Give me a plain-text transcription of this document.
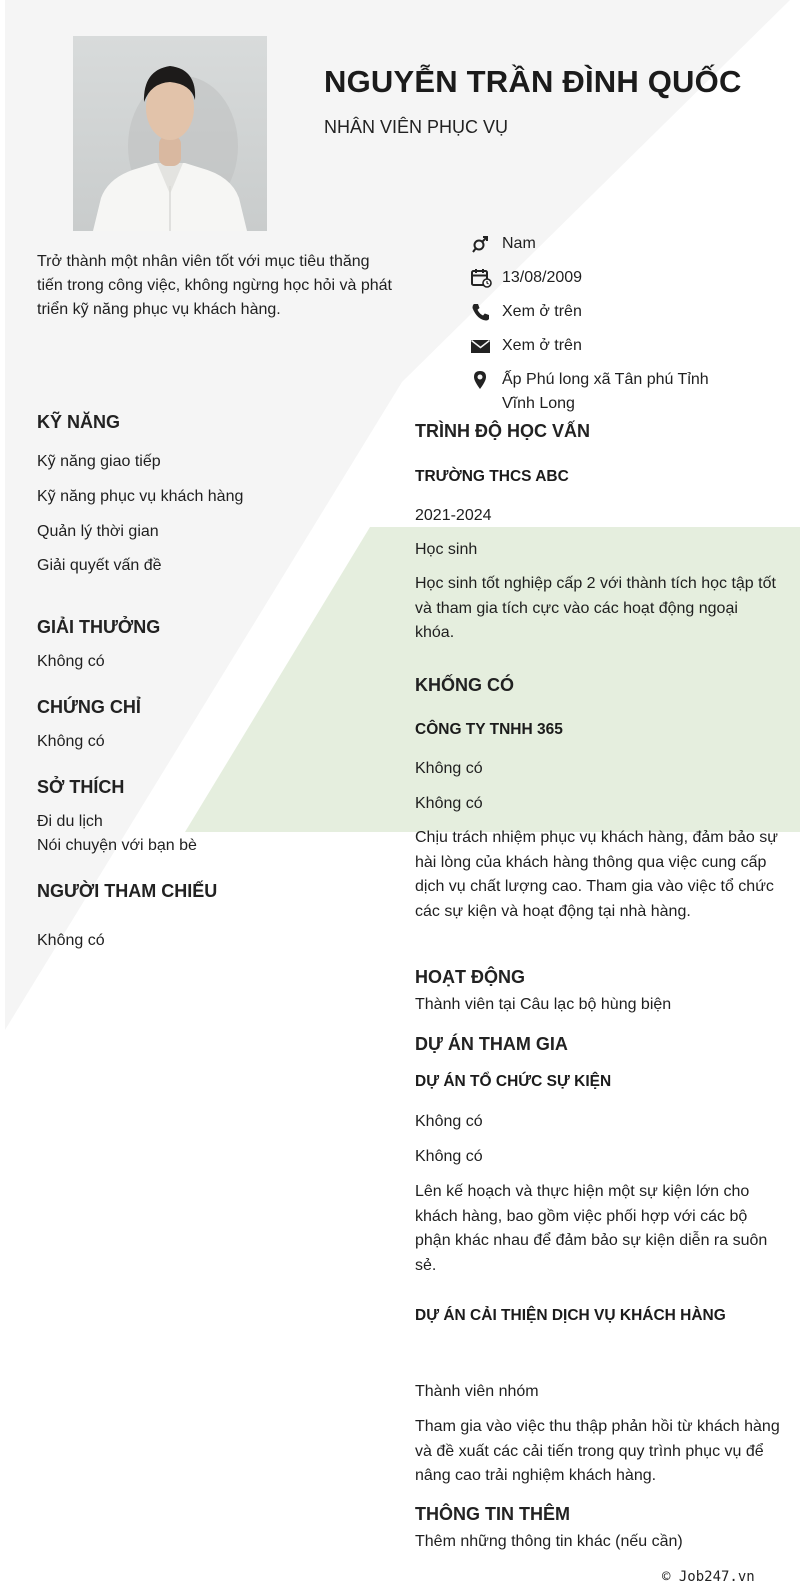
NGUYỄN TRẦN ĐÌNH QUỐC
NHÂN VIÊN PHỤC VỤ
Trở thành một nhân viên tốt với mục tiêu thăng tiến trong công việc, không ngừng học hỏi và phát triển kỹ năng phục vụ khách hàng.
Nam
13/08/2009
Xem ở trên
Xem ở trên
Ấp Phú long xã Tân phú Tỉnh Vĩnh Long
KỸ NĂNG
Kỹ năng giao tiếp
Kỹ năng phục vụ khách hàng
Quản lý thời gian
Giải quyết vấn đề
GIẢI THƯỞNG
Không có
CHỨNG CHỈ
Không có
SỞ THÍCH
Đi du lịch
Nói chuyện với bạn bè
NGƯỜI THAM CHIẾU
Không có
TRÌNH ĐỘ HỌC VẤN
TRƯỜNG THCS ABC
2021-2024
Học sinh
Học sinh tốt nghiệp cấp 2 với thành tích học tập tốt và tham gia tích cực vào các hoạt động ngoại khóa.
KHỐNG CÓ
CÔNG TY TNHH 365
Không có
Không có
Chịu trách nhiệm phục vụ khách hàng, đảm bảo sự hài lòng của khách hàng thông qua việc cung cấp dịch vụ chất lượng cao. Tham gia vào việc tổ chức các sự kiện và hoạt động tại nhà hàng.
HOẠT ĐỘNG
Thành viên tại Câu lạc bộ hùng biện
DỰ ÁN THAM GIA
DỰ ÁN TỔ CHỨC SỰ KIỆN
Không có
Không có
Lên kế hoạch và thực hiện một sự kiện lớn cho khách hàng, bao gồm việc phối hợp với các bộ phận khác nhau để đảm bảo sự kiện diễn ra suôn sẻ.
DỰ ÁN CẢI THIỆN DỊCH VỤ KHÁCH HÀNG
Thành viên nhóm
Tham gia vào việc thu thập phản hồi từ khách hàng và đề xuất các cải tiến trong quy trình phục vụ để nâng cao trải nghiệm khách hàng.
THÔNG TIN THÊM
Thêm những thông tin khác (nếu cần)
© Job247.vn
